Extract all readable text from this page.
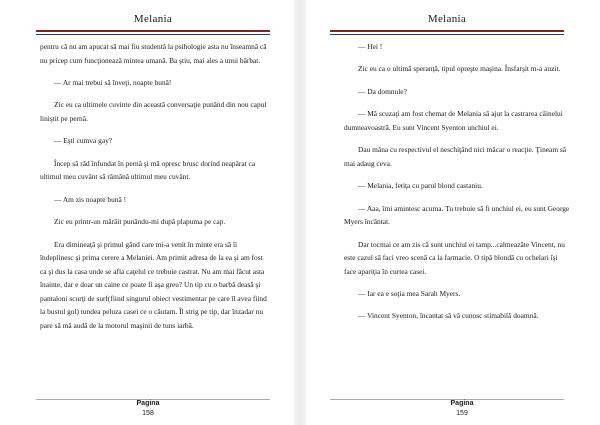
Melania

pentru că nu am apucat să mai fiu studentă la psihologie asta nu înseamnă că nu pricep cum funcţionează mintea umană. Ba ştiu, mai ales a unui bărbat.

— Ar mai trebui să înveţi, noapte bună!

Zic eu ca ultimele cuvinte din această conversaţie punând din nou capul liniştit pe pernă.

— Eşti cumva gay?

Încep să râd înfundat în pernă şi mă opresc brusc dorind neapărat ca ultimul meu cuvânt să rămână ultimul meu cuvânt.

— Am zis noapte bună !

Zic eu printr-un mârâit punându-mi după plapuma pe cap.

Era dimineaţă şi primul gând care mi-a venit în minte era să îi îndeplinesc şi prima cerere a Melaniei. Am primit adresa de la ea şi am fost ca şi dus la casa unde se afla caţelul ce trebuie castrat. Nu am mai făcut asta înainte, dar e doar un caine ce poate fi aşa greu? Un tip cu o barbă deasă şi pantaloni scurţi de surf(fiind singurul obiect vestimentar pe care îl avea fiind la bustul gol) tundea peluza casei ce o căutam. Îl strig pe tip, dar înzadar nu pare să mă audă de la motorul maşinii de tuns iarbă.

Pagina
158
Melania

— Hei !

Zic eu ca o ultimă speranţă, tipul opreşte maşina. Însfarşit m-a auzit.

— Da domnule?

— Mă scuzaţi am fost chemat de Melania să ajut la castrarea câinelui dumneavoastră. Eu sunt Vincent Syenton unchiul ei.

Dau mâna cu respectivul el neschiţând nici măcar o reacţie. Ţineam să mai adaug ceva.

— Melania, fetiţa cu parul blond castaniu.

— Aaa, îmi amintesc acuma. Tu trebuie să fi unchiul ei, eu sunt George Myers încântat.

Dar tocmai ce am zis că sunt unchiul ei tamp...calmeazăte Vincent, nu este cazul să faci vreo scenă ca la farmacie. O tipă blondă cu ochelari îşi face apariţia în curtea casei.

— Iar ea e soţia mea Sarah Myers.

— Vincent Syenton, încantat să vă cunosc stimabilă doamnă.

Pagina
159
